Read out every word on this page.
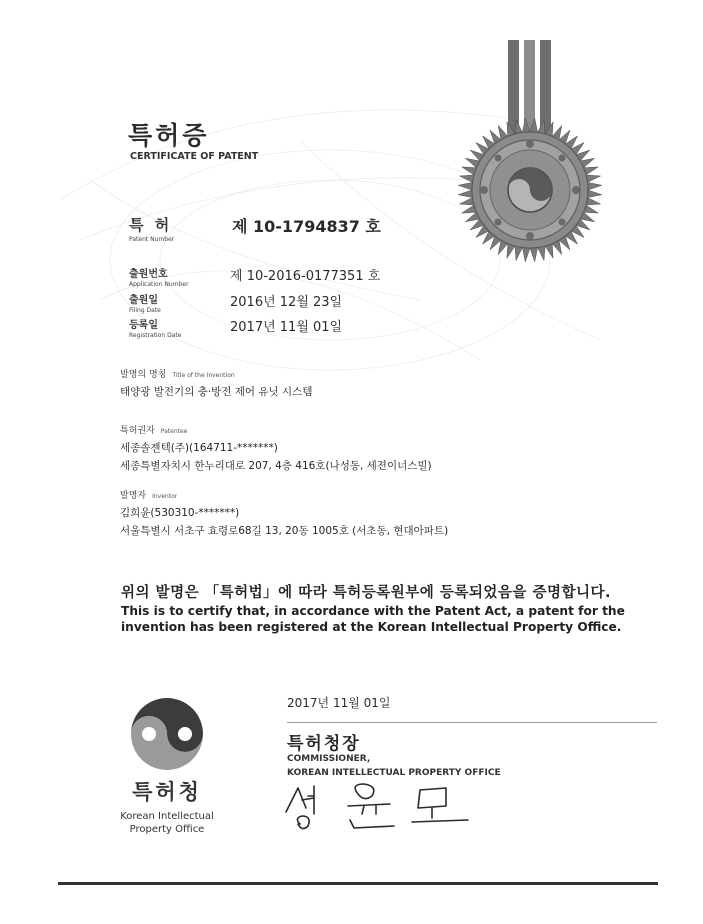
특허증
CERTIFICATE OF PATENT
특 허
Patent Number
제 10-1794837 호
출원번호
Application Number
제 10-2016-0177351 호
출원일
Filing Date
2016년 12월 23일
등록일
Registration Date
2017년 11월 01일
발명의 명칭 Title of the Invention
태양광 발전기의 충·방전 제어 유닛 시스템
특허권자 Patentee
세종솔젠텍(주)(164711-*******)
세종특별자치시 한누리대로 207, 4층 416호(나성동, 세젼이너스빌)
발명자 Inventor
김희윤(530310-*******)
서울특별시 서초구 효령로68길 13, 20동 1005호 (서초동, 현대아파트)
위의 발명은 「특허법」에 따라 특허등록원부에 등록되었음을 증명합니다.
This is to certify that, in accordance with the Patent Act, a patent for the invention has been registered at the Korean Intellectual Property Office.
2017년 11월 01일
특허청장
COMMISSIONER,
KOREAN INTELLECTUAL PROPERTY OFFICE
특허청
Korean Intellectual
Property Office
